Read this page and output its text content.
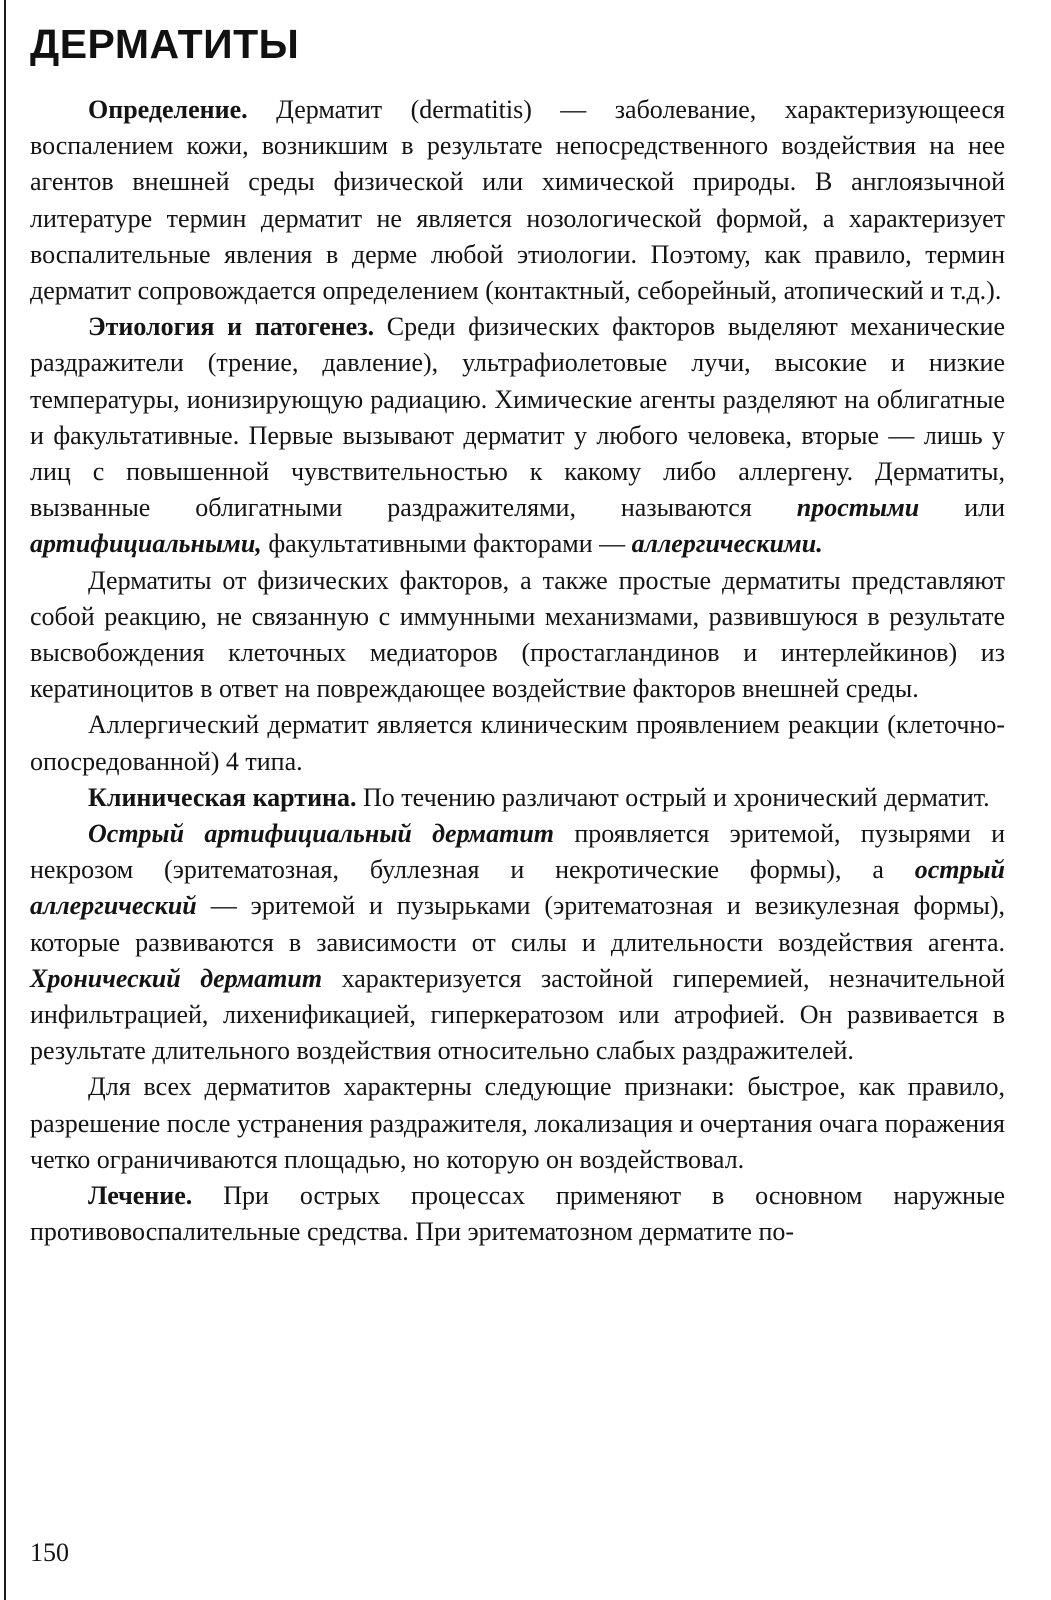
ДЕРМАТИТЫ

Определение. Дерматит (dermatitis) — заболевание, характеризующееся воспалением кожи, возникшим в результате непосредственного воздействия на нее агентов внешней среды физической или химической природы. В англоязычной литературе термин дерматит не является нозологической формой, а характеризует воспалительные явления в дерме любой этиологии. Поэтому, как правило, термин дерматит сопровождается определением (контактный, себорейный, атопический и т.д.).

Этиология и патогенез. Среди физических факторов выделяют механические раздражители (трение, давление), ультрафиолетовые лучи, высокие и низкие температуры, ионизирующую радиацию. Химические агенты разделяют на облигатные и факультативные. Первые вызывают дерматит у любого человека, вторые — лишь у лиц с повышенной чувствительностью к какому либо аллергену. Дерматиты, вызванные облигатными раздражителями, называются простыми или артифициальными, факультативными факторами — аллергическими.

Дерматиты от физических факторов, а также простые дерматиты представляют собой реакцию, не связанную с иммунными механизмами, развившуюся в результате высвобождения клеточных медиаторов (простагландинов и интерлейкинов) из кератиноцитов в ответ на повреждающее воздействие факторов внешней среды.

Аллергический дерматит является клиническим проявлением реакции (клеточно-опосредованной) 4 типа.

Клиническая картина. По течению различают острый и хронический дерматит.

Острый артифициальный дерматит проявляется эритемой, пузырями и некрозом (эритематозная, буллезная и некротические формы), а острый аллергический — эритемой и пузырьками (эритематозная и везикулезная формы), которые развиваются в зависимости от силы и длительности воздействия агента. Хронический дерматит характеризуется застойной гиперемией, незначительной инфильтрацией, лихенификацией, гиперкератозом или атрофией. Он развивается в результате длительного воздействия относительно слабых раздражителей.

Для всех дерматитов характерны следующие признаки: быстрое, как правило, разрешение после устранения раздражителя, локализация и очертания очага поражения четко ограничиваются площадью, но которую он воздействовал.

Лечение. При острых процессах применяют в основном наружные противовоспалительные средства. При эритематозном дерматите по-

150
